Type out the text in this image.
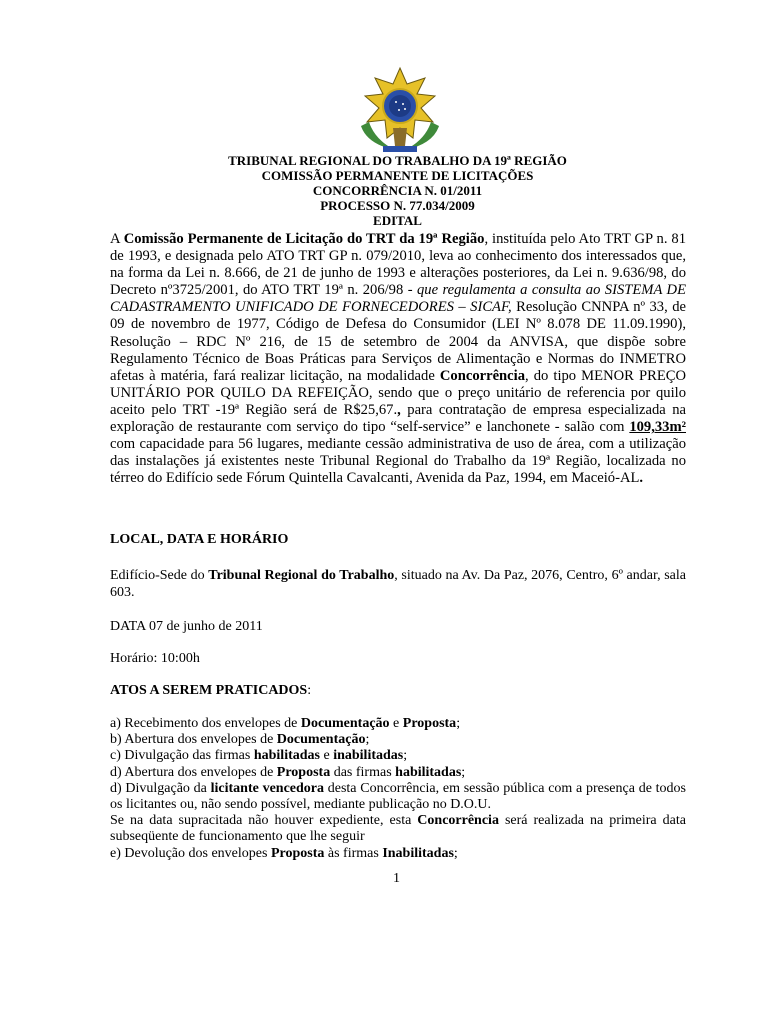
TRIBUNAL REGIONAL DO TRABALHO DA 19ª REGIÃO
COMISSÃO PERMANENTE DE LICITAÇÕES
CONCORRÊNCIA N. 01/2011
PROCESSO N. 77.034/2009
EDITAL
A Comissão Permanente de Licitação do TRT da 19ª Região, instituída pelo Ato TRT GP n. 81 de 1993, e designada pelo ATO TRT GP n. 079/2010, leva ao conhecimento dos interessados que, na forma da Lei n. 8.666, de 21 de junho de 1993 e alterações posteriores, da Lei n. 9.636/98, do Decreto nº3725/2001, do ATO TRT 19ª n. 206/98 - que regulamenta a consulta ao SISTEMA DE CADASTRAMENTO UNIFICADO DE FORNECEDORES – SICAF, Resolução CNNPA nº 33, de 09 de novembro de 1977, Código de Defesa do Consumidor (LEI Nº 8.078 DE 11.09.1990), Resolução – RDC Nº 216, de 15 de setembro de 2004 da ANVISA, que dispõe sobre Regulamento Técnico de Boas Práticas para Serviços de Alimentação e Normas do INMETRO afetas à matéria, fará realizar licitação, na modalidade Concorrência, do tipo MENOR PREÇO UNITÁRIO POR QUILO DA REFEIÇÃO, sendo que o preço unitário de referencia por quilo aceito pelo TRT -19ª Região será de R$25,67., para contratação de empresa especializada na exploração de restaurante com serviço do tipo “self-service” e lanchonete - salão com 109,33m² com capacidade para 56 lugares, mediante cessão administrativa de uso de área, com a utilização das instalações já existentes neste Tribunal Regional do Trabalho da 19ª Região, localizada no térreo do Edifício sede Fórum Quintella Cavalcanti, Avenida da Paz, 1994, em Maceió-AL.
LOCAL, DATA E HORÁRIO
Edifício-Sede do Tribunal Regional do Trabalho, situado na Av. Da Paz, 2076, Centro, 6º andar, sala 603.
DATA 07 de junho de 2011
Horário: 10:00h
ATOS A SEREM PRATICADOS:
a) Recebimento dos envelopes de Documentação e Proposta;
b) Abertura dos envelopes de Documentação;
c) Divulgação das firmas habilitadas e inabilitadas;
d) Abertura dos envelopes de Proposta das firmas habilitadas;
d) Divulgação da licitante vencedora desta Concorrência, em sessão pública com a presença de todos os licitantes ou, não sendo possível, mediante publicação no D.O.U.
Se na data supracitada não houver expediente, esta Concorrência será realizada na primeira data subseqüente de funcionamento que lhe seguir
e) Devolução dos envelopes Proposta às firmas Inabilitadas;
1
